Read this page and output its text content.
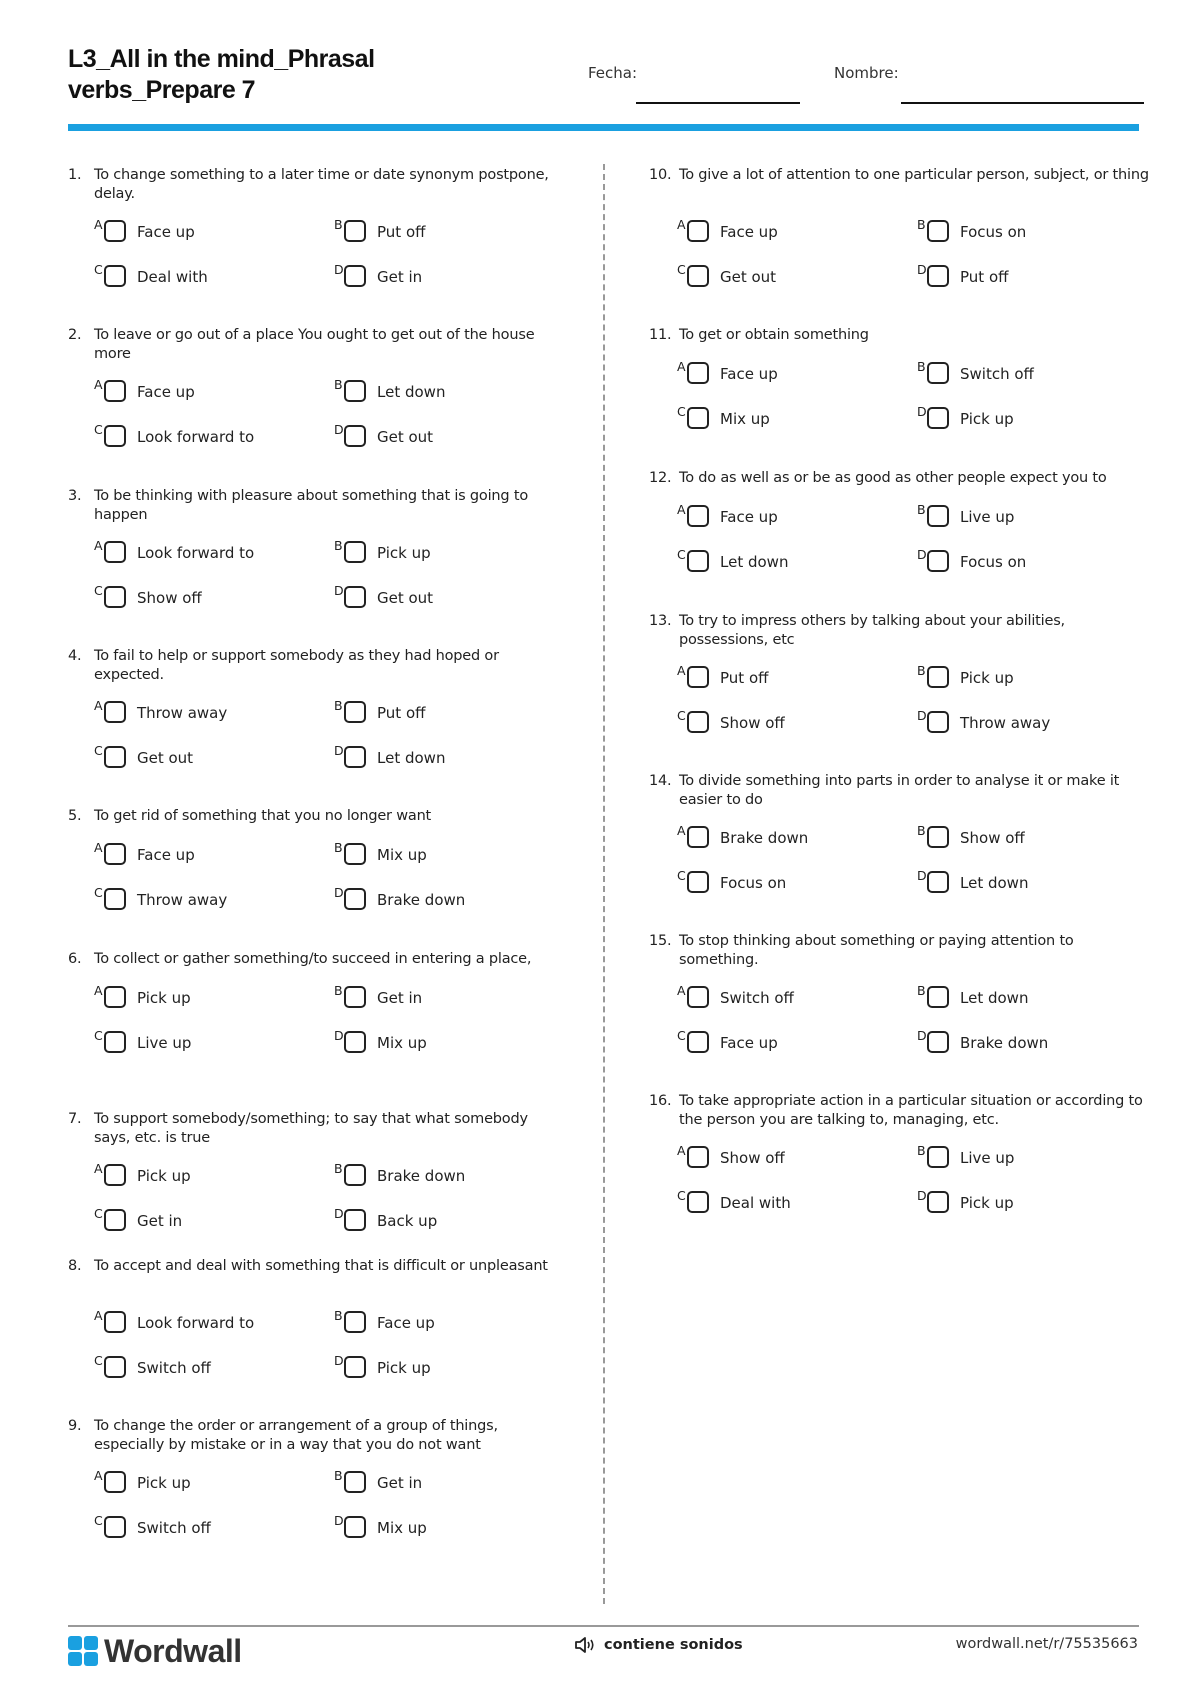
L3_All in the mind_Phrasal verbs_Prepare 7
Fecha:	Nombre:
1. To change something to a later time or date synonym postpone, delay.
A Face up	B Put off
C Deal with	D Get in
2. To leave or go out of a place You ought to get out of the house more
A Face up	B Let down
C Look forward to	D Get out
3. To be thinking with pleasure about something that is going to happen
A Look forward to	B Pick up
C Show off	D Get out
4. To fail to help or support somebody as they had hoped or expected.
A Throw away	B Put off
C Get out	D Let down
5. To get rid of something that you no longer want
A Face up	B Mix up
C Throw away	D Brake down
6. To collect or gather something/to succeed in entering a place,
A Pick up	B Get in
C Live up	D Mix up
7. To support somebody/something; to say that what somebody says, etc. is true
A Pick up	B Brake down
C Get in	D Back up
8. To accept and deal with something that is difficult or unpleasant
A Look forward to	B Face up
C Switch off	D Pick up
9. To change the order or arrangement of a group of things, especially by mistake or in a way that you do not want
A Pick up	B Get in
C Switch off	D Mix up
10. To give a lot of attention to one particular person, subject, or thing
A Face up	B Focus on
C Get out	D Put off
11. To get or obtain something
A Face up	B Switch off
C Mix up	D Pick up
12. To do as well as or be as good as other people expect you to
A Face up	B Live up
C Let down	D Focus on
13. To try to impress others by talking about your abilities, possessions, etc
A Put off	B Pick up
C Show off	D Throw away
14. To divide something into parts in order to analyse it or make it easier to do
A Brake down	B Show off
C Focus on	D Let down
15. To stop thinking about something or paying attention to something.
A Switch off	B Let down
C Face up	D Brake down
16. To take appropriate action in a particular situation or according to the person you are talking to, managing, etc.
A Show off	B Live up
C Deal with	D Pick up
Wordwall	contiene sonidos	wordwall.net/r/75535663
